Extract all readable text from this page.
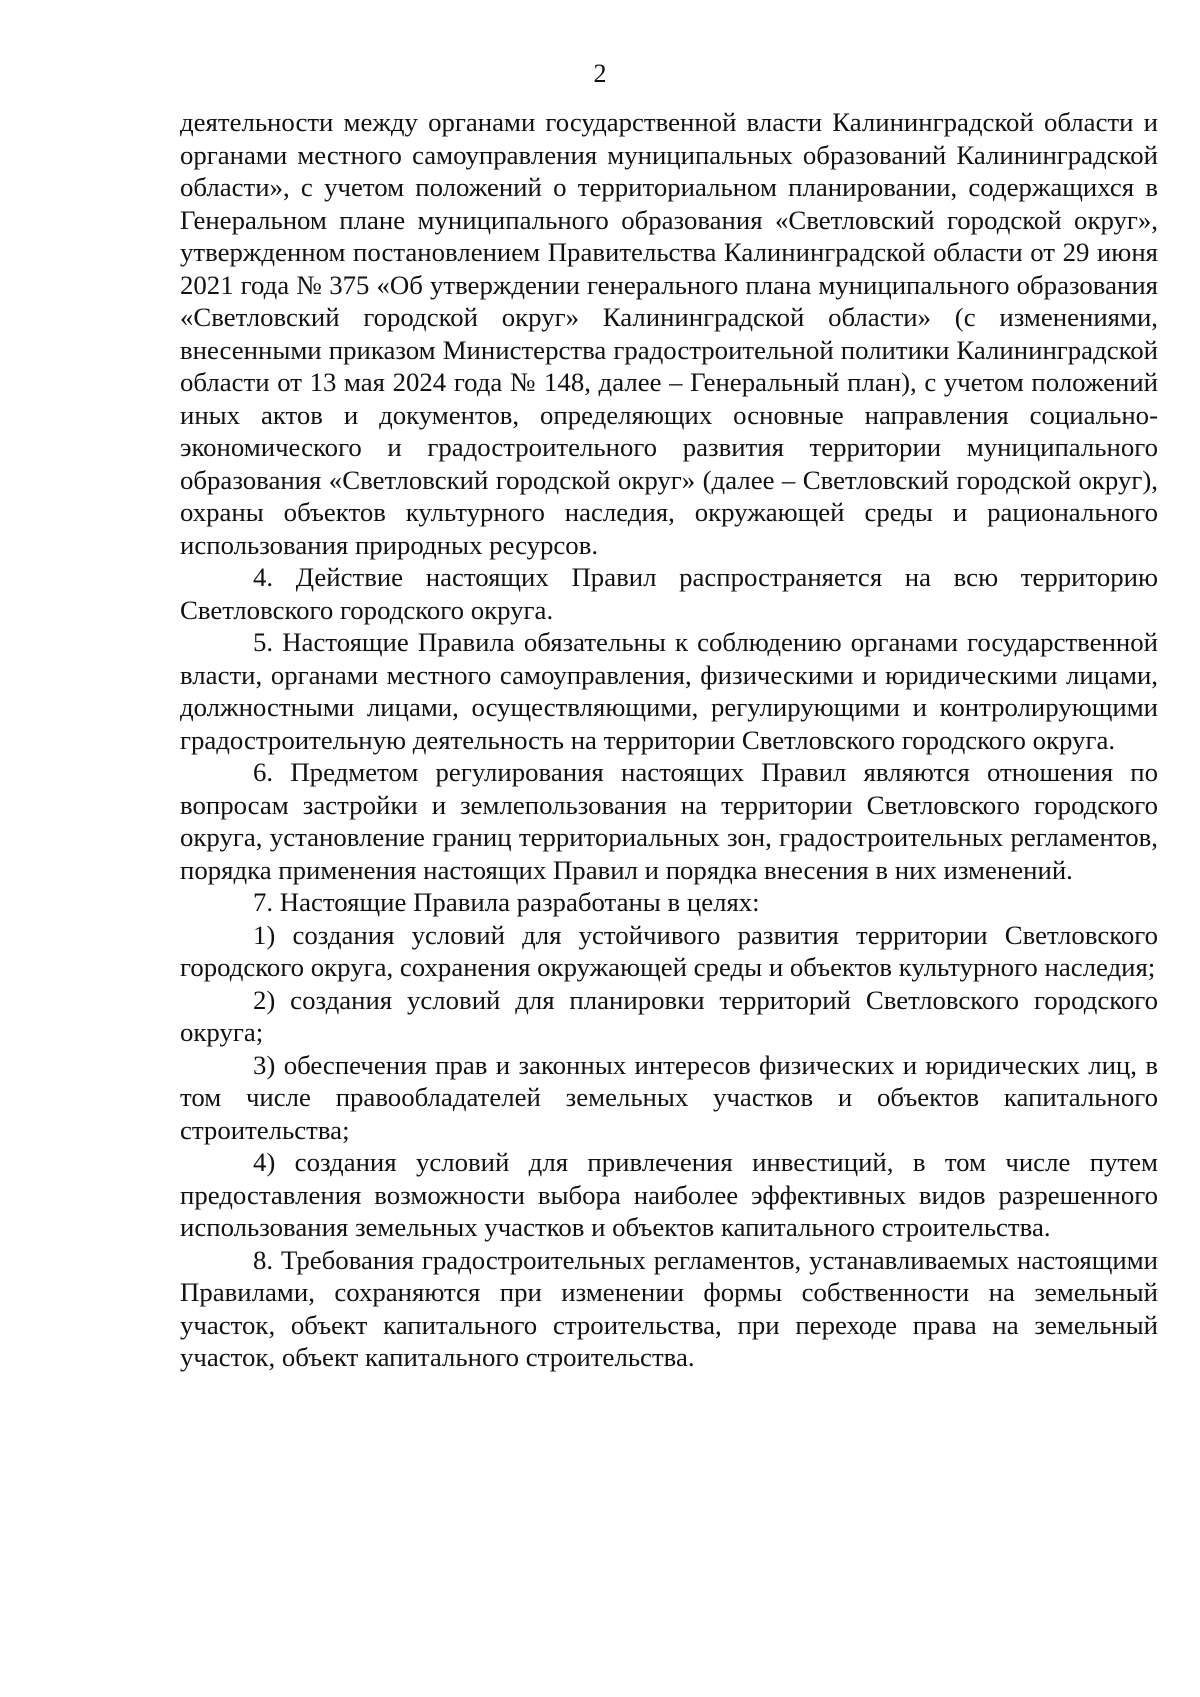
2

деятельности между органами государственной власти Калининградской области и органами местного самоуправления муниципальных образований Калининградской области», с учетом положений о территориальном планировании, содержащихся в Генеральном плане муниципального образования «Светловский городской округ», утвержденном постановлением Правительства Калининградской области от 29 июня 2021 года № 375 «Об утверждении генерального плана муниципального образования «Светловский городской округ» Калининградской области» (с изменениями, внесенными приказом Министерства градостроительной политики Калининградской области от 13 мая 2024 года № 148, далее – Генеральный план), с учетом положений иных актов и документов, определяющих основные направления социально-экономического и градостроительного развития территории муниципального образования «Светловский городской округ» (далее – Светловский городской округ), охраны объектов культурного наследия, окружающей среды и рационального использования природных ресурсов.

4. Действие настоящих Правил распространяется на всю территорию Светловского городского округа.

5. Настоящие Правила обязательны к соблюдению органами государственной власти, органами местного самоуправления, физическими и юридическими лицами, должностными лицами, осуществляющими, регулирующими и контролирующими градостроительную деятельность на территории Светловского городского округа.

6. Предметом регулирования настоящих Правил являются отношения по вопросам застройки и землепользования на территории Светловского городского округа, установление границ территориальных зон, градостроительных регламентов, порядка применения настоящих Правил и порядка внесения в них изменений.

7. Настоящие Правила разработаны в целях:

1) создания условий для устойчивого развития территории Светловского городского округа, сохранения окружающей среды и объектов культурного наследия;

2) создания условий для планировки территорий Светловского городского округа;

3) обеспечения прав и законных интересов физических и юридических лиц, в том числе правообладателей земельных участков и объектов капитального строительства;

4) создания условий для привлечения инвестиций, в том числе путем предоставления возможности выбора наиболее эффективных видов разрешенного использования земельных участков и объектов капитального строительства.

8. Требования градостроительных регламентов, устанавливаемых настоящими Правилами, сохраняются при изменении формы собственности на земельный участок, объект капитального строительства, при переходе права на земельный участок, объект капитального строительства.
